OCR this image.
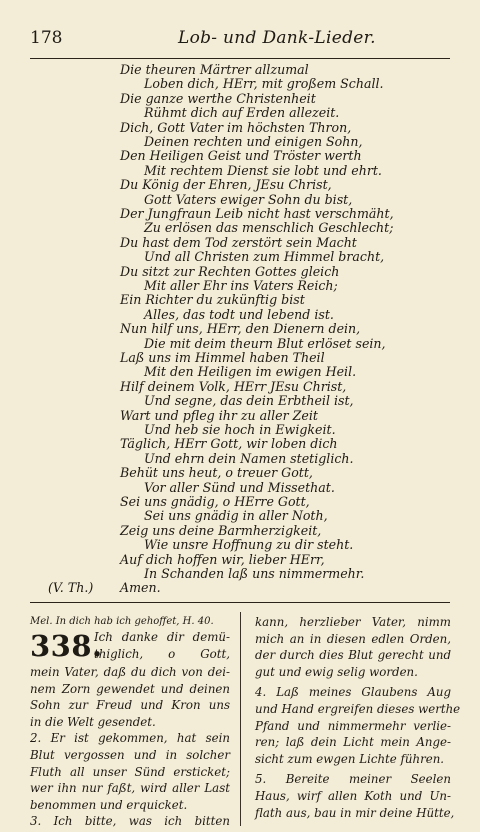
178	Lob- und Dank-Lieder.
Die theuren Märtrer allzumal
Loben dich, HErr, mit großem Schall.
Die ganze werthe Christenheit
Rühmt dich auf Erden allezeit.
Dich, Gott Vater im höchsten Thron,
Deinen rechten und einigen Sohn,
Den Heiligen Geist und Tröster werth
Mit rechtem Dienst sie lobt und ehrt.
Du König der Ehren, JEsu Christ,
Gott Vaters ewiger Sohn du bist,
Der Jungfraun Leib nicht hast verschmäht,
Zu erlösen das menschlich Geschlecht;
Du hast dem Tod zerstört sein Macht
Und all Christen zum Himmel bracht,
Du sitzt zur Rechten Gottes gleich
Mit aller Ehr ins Vaters Reich;
Ein Richter du zukünftig bist
Alles, das todt und lebend ist.
Nun hilf uns, HErr, den Dienern dein,
Die mit deim theurn Blut erlöset sein,
Laß uns im Himmel haben Theil
Mit den Heiligen im ewigen Heil.
Hilf deinem Volk, HErr JEsu Christ,
Und segne, das dein Erbtheil ist,
Wart und pfleg ihr zu aller Zeit
Und heb sie hoch in Ewigkeit.
Täglich, HErr Gott, wir loben dich
Und ehrn dein Namen stetiglich.
Behüt uns heut, o treuer Gott,
Vor aller Sünd und Missethat.
Sei uns gnädig, o HErre Gott,
Sei uns gnädig in aller Noth,
Zeig uns deine Barmherzigkeit,
Wie unsre Hoffnung zu dir steht.
Auf dich hoffen wir, lieber HErr,
In Schanden laß uns nimmermehr.
(V. Th.) Amen.
Mel. In dich hab ich gehoffet, H. 40.
338.
Ich danke dir demü-
thiglich, o Gott,
mein Vater, daß du dich von dei-
nem Zorn gewendet und deinen
Sohn zur Freud und Kron uns
in die Welt gesendet.
2. Er ist gekommen, hat sein
Blut vergossen und in solcher
Fluth all unser Sünd ersticket;
wer ihn nur faßt, wird aller Last
benommen und erquicket.
3. Ich bitte, was ich bitten
kann, herzlieber Vater, nimm
mich an in diesen edlen Orden,
der durch dies Blut gerecht und
gut und ewig selig worden.
4. Laß meines Glaubens Aug
und Hand ergreifen dieses werthe
Pfand und nimmermehr verlie-
ren; laß dein Licht mein Ange-
sicht zum ewgen Lichte führen.
5. Bereite meiner Seelen
Haus, wirf allen Koth und Un-
flath aus, bau in mir deine Hütte,
